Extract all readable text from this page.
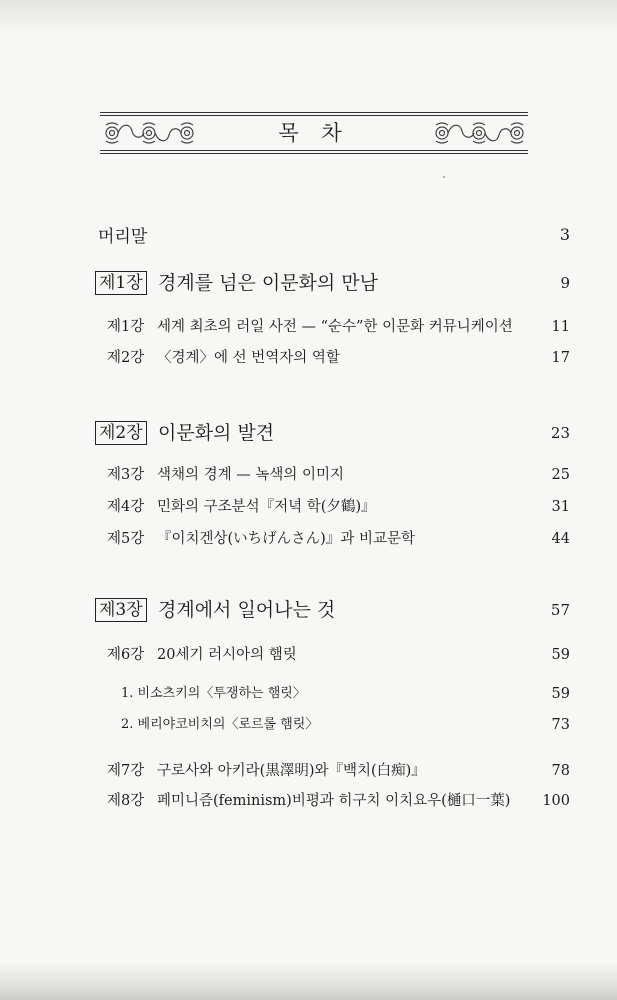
목 차
머리말	3
제1장 경계를 넘은 이문화의 만남	9
제1강 세계 최초의 러일 사전 — “순수”한 이문화 커뮤니케이션	11
제2강 〈경계〉에 선 번역자의 역할	17
제2장 이문화의 발견	23
제3강 색채의 경계 — 녹색의 이미지	25
제4강 민화의 구조분석『저녁 학(夕鶴)』	31
제5강 『이치겐상(いちげんさん)』과 비교문학	44
제3장 경계에서 일어나는 것	57
제6강 20세기 러시아의 햄릿	59
1. 비소츠키의〈투쟁하는 햄릿〉	59
2. 베리야코비치의〈로르롤 햄릿〉	73
제7강 구로사와 아키라(黒澤明)와『백치(白痴)』	78
제8강 페미니즘(feminism)비평과 히구치 이치요우(樋口一葉) 100
